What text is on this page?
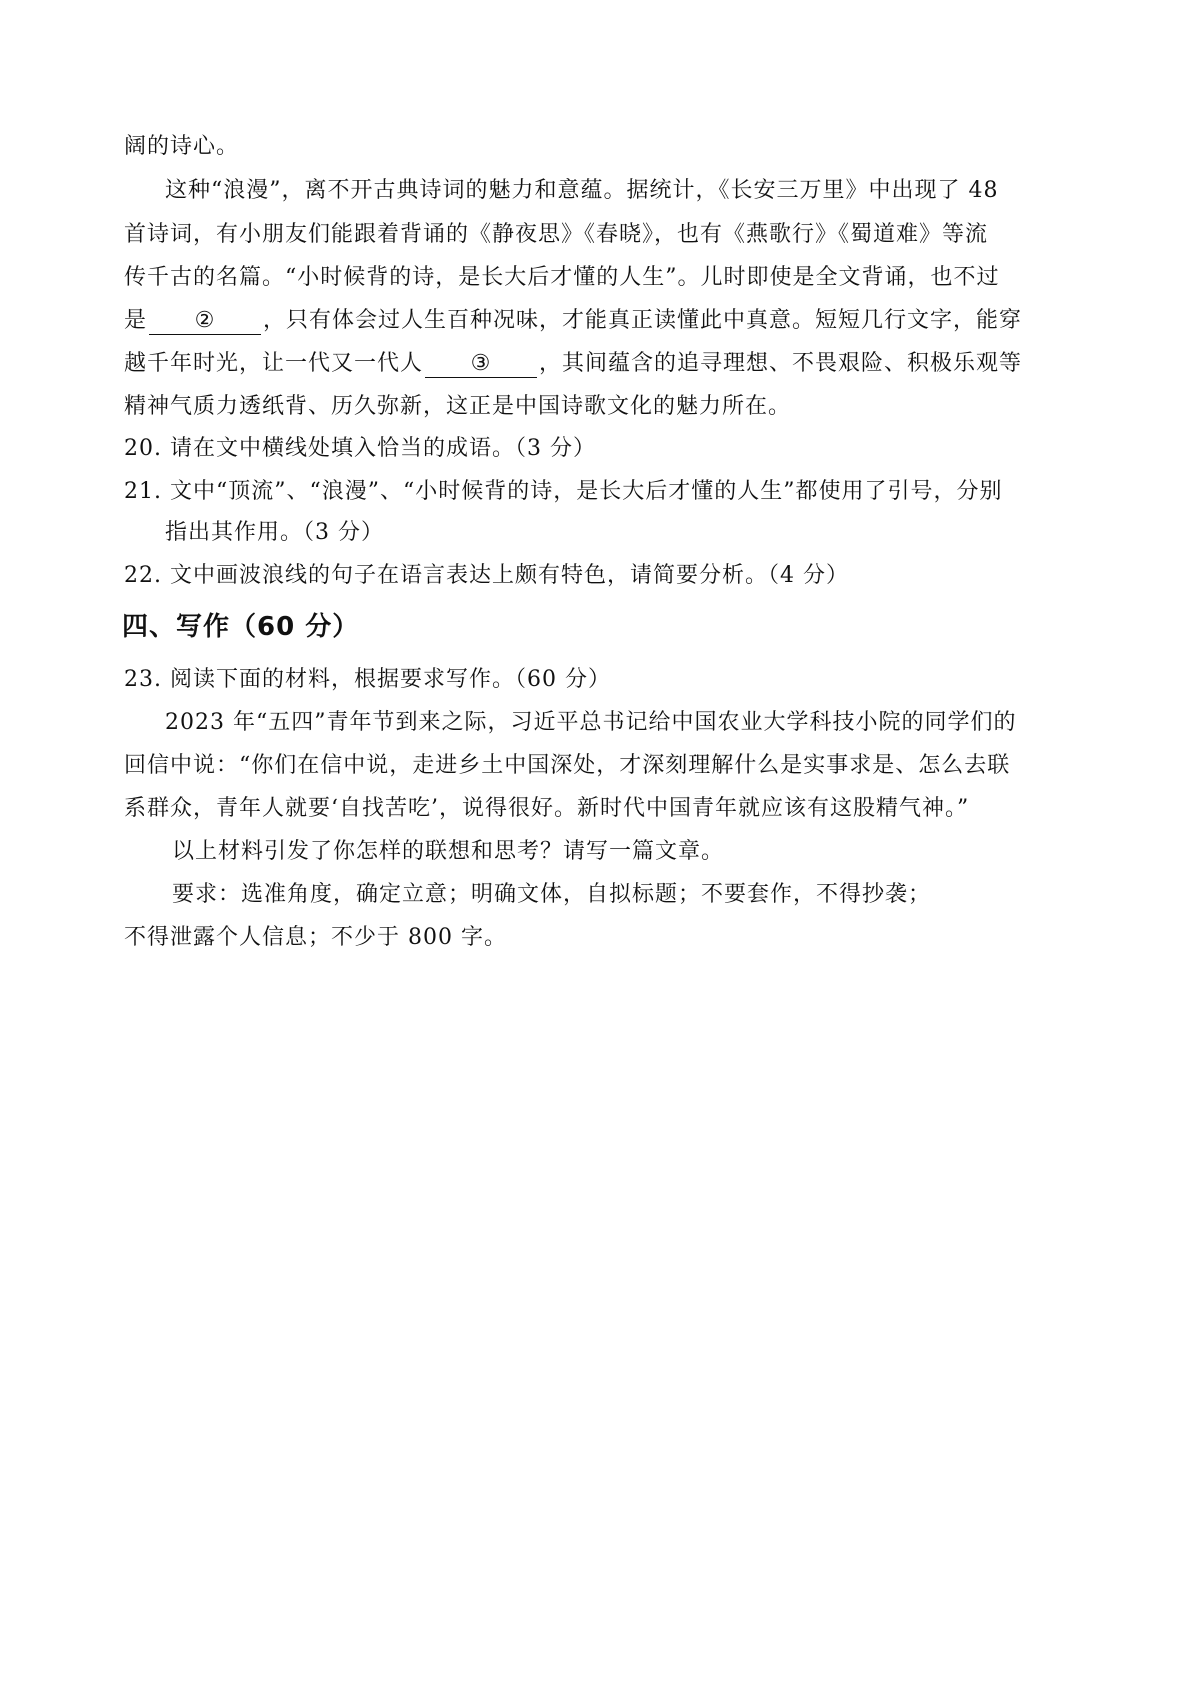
阔的诗心。
这种“浪漫”，离不开古典诗词的魅力和意蕴。据统计，《长安三万里》中出现了 48
首诗词，有小朋友们能跟着背诵的《静夜思》《春晓》，也有《燕歌行》《蜀道难》等流
传千古的名篇。“小时候背的诗，是长大后才懂的人生”。儿时即使是全文背诵，也不过
是 ② ，只有体会过人生百种况味，才能真正读懂此中真意。短短几行文字，能穿
越千年时光，让一代又一代人 ③ ，其间蕴含的追寻理想、不畏艰险、积极乐观等
精神气质力透纸背、历久弥新，这正是中国诗歌文化的魅力所在。
20. 请在文中横线处填入恰当的成语。（3 分）
21. 文中“顶流”、“浪漫”、“小时候背的诗，是长大后才懂的人生”都使用了引号，分别
指出其作用。（3 分）
22. 文中画波浪线的句子在语言表达上颇有特色，请简要分析。（4 分）
四、写作（60 分）
23. 阅读下面的材料，根据要求写作。（60 分）
2023 年“五四”青年节到来之际，习近平总书记给中国农业大学科技小院的同学们的
回信中说：“你们在信中说，走进乡土中国深处，才深刻理解什么是实事求是、怎么去联
系群众，青年人就要‘自找苦吃’，说得很好。新时代中国青年就应该有这股精气神。”
以上材料引发了你怎样的联想和思考？请写一篇文章。
要求：选准角度，确定立意；明确文体，自拟标题；不要套作，不得抄袭；
不得泄露个人信息；不少于 800 字。
